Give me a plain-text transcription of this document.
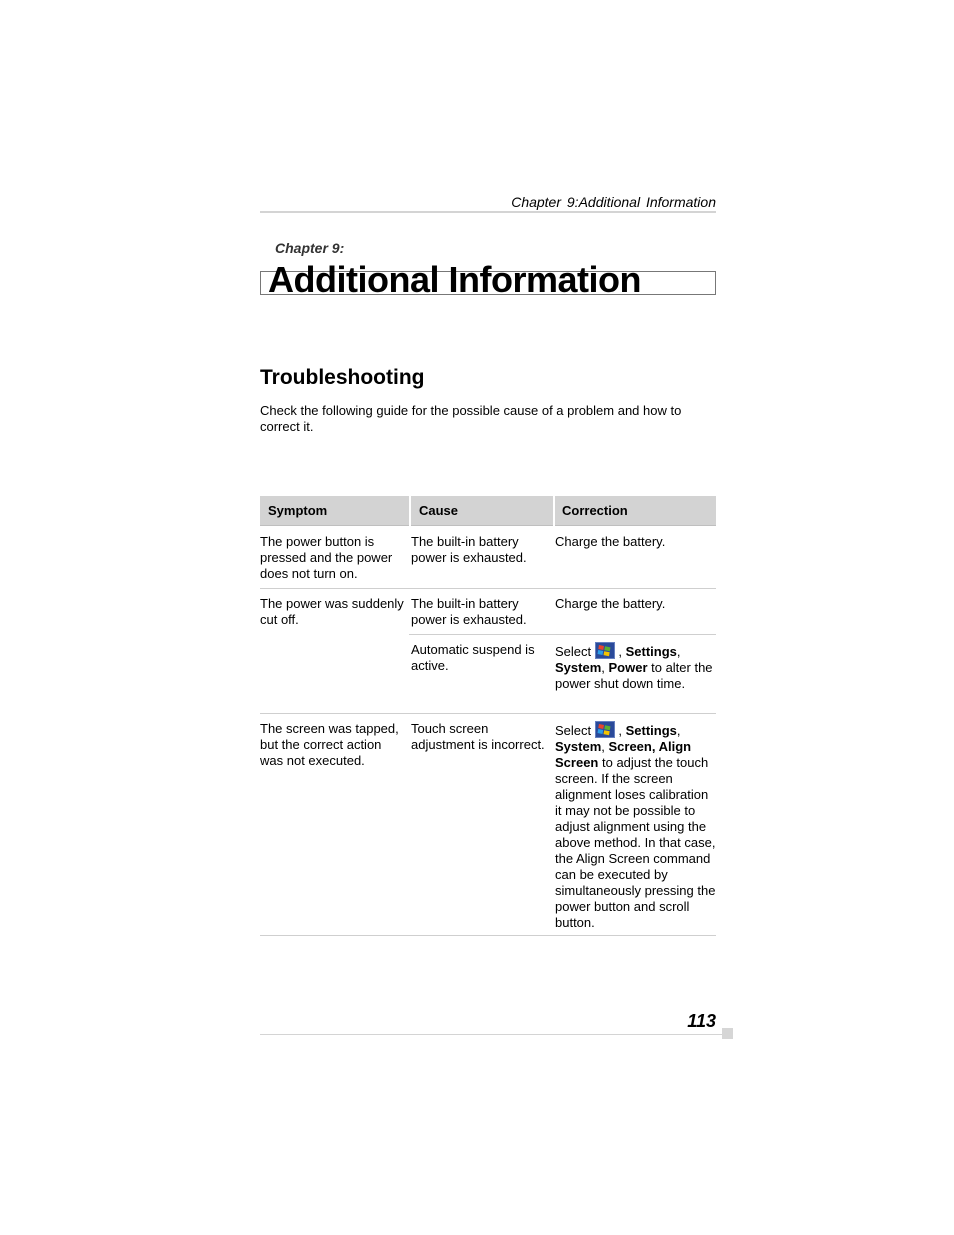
Chapter 9:Additional Information
Chapter 9:
Additional Information
Troubleshooting

Check the following guide for the possible cause of a problem and how to correct it.

Symptom	Cause	Correction
The power button is pressed and the power does not turn on.
The built-in battery power is exhausted.
Charge the battery.
The power was suddenly cut off.
The built-in battery power is exhausted.
Charge the battery.
Automatic suspend is active.
Select
, Settings, System, Power to alter the power shut down time.
The screen was tapped, but the correct action was not executed.
Touch screen adjustment is incorrect.
Select
, Settings, System, Screen, Align Screen to adjust the touch screen. If the screen alignment loses calibration it may not be possible to adjust alignment using the above method. In that case, the Align Screen command can be executed by simultaneously pressing the power button and scroll button.
113
